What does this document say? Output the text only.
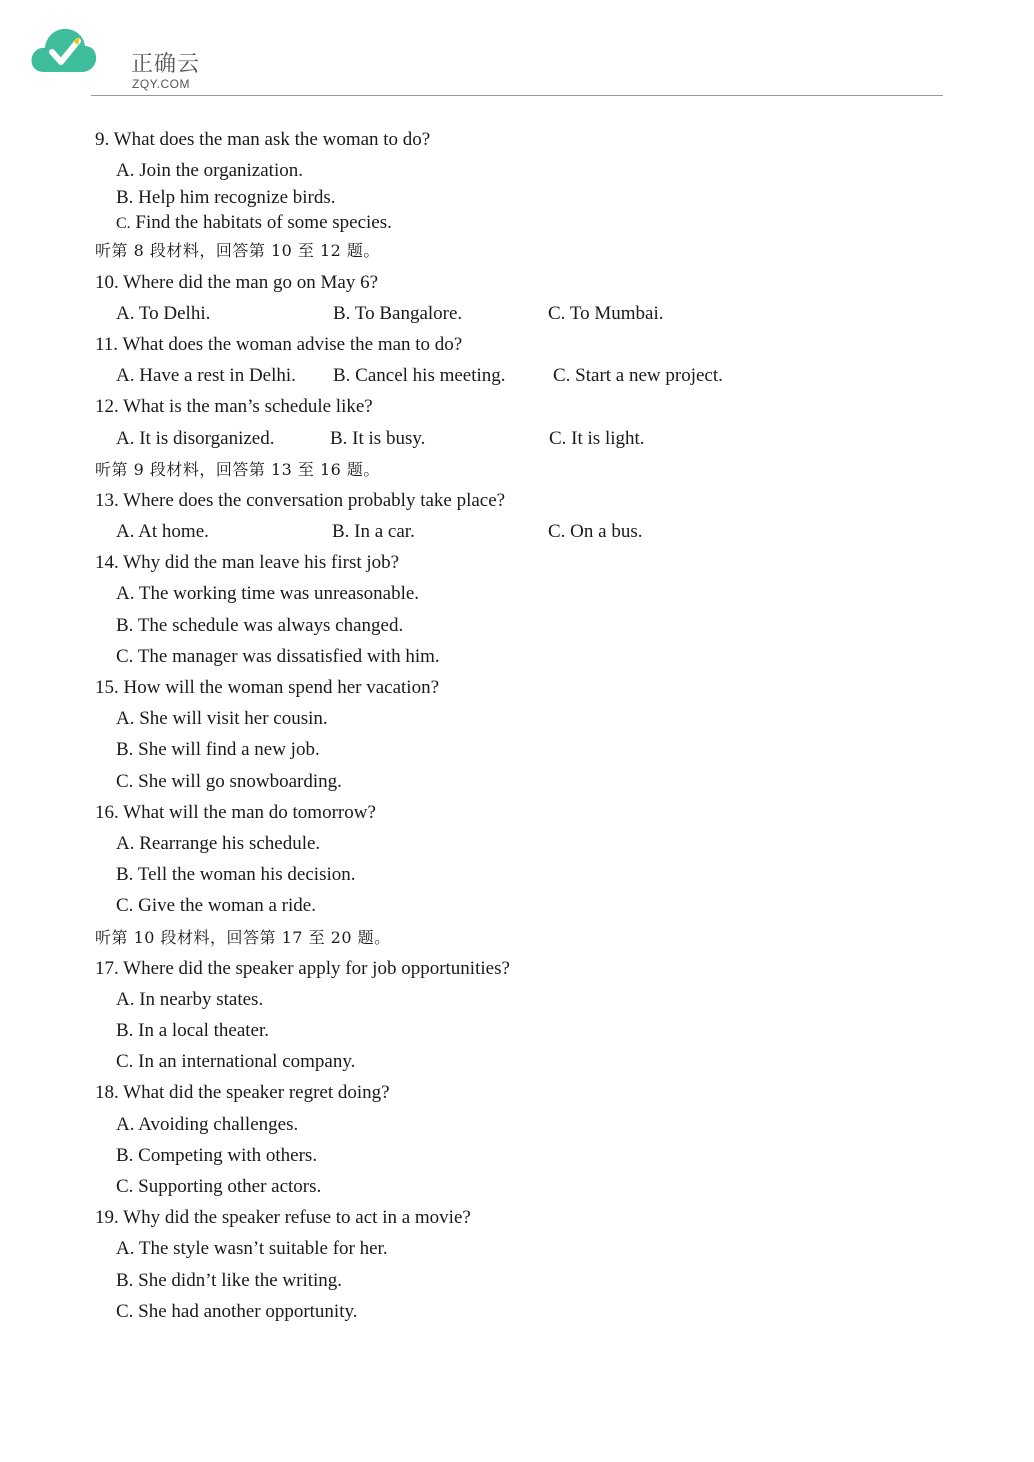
正确云
ZQY.COM
9. What does the man ask the woman to do?
A. Join the organization.
B. Help him recognize birds.
C. Find the habitats of some species.
听第 8 段材料，回答第 10 至 12 题。
10. Where did the man go on May 6?
A. To Delhi.	B. To Bangalore.	C. To Mumbai.
11. What does the woman advise the man to do?
A. Have a rest in Delhi. B. Cancel his meeting. C. Start a new project.
12. What is the man’s schedule like?
A. It is disorganized.	B. It is busy.	C. It is light.
听第 9 段材料，回答第 13 至 16 题。
13. Where does the conversation probably take place?
A. At home.	B. In a car.	C. On a bus.
14. Why did the man leave his first job?
A. The working time was unreasonable.
B. The schedule was always changed.
C. The manager was dissatisfied with him.
15. How will the woman spend her vacation?
A. She will visit her cousin.
B. She will find a new job.
C. She will go snowboarding.
16. What will the man do tomorrow?
A. Rearrange his schedule.
B. Tell the woman his decision.
C. Give the woman a ride.
听第 10 段材料，回答第 17 至 20 题。
17. Where did the speaker apply for job opportunities?
A. In nearby states.
B. In a local theater.
C. In an international company.
18. What did the speaker regret doing?
A. Avoiding challenges.
B. Competing with others.
C. Supporting other actors.
19. Why did the speaker refuse to act in a movie?
A. The style wasn’t suitable for her.
B. She didn’t like the writing.
C. She had another opportunity.
